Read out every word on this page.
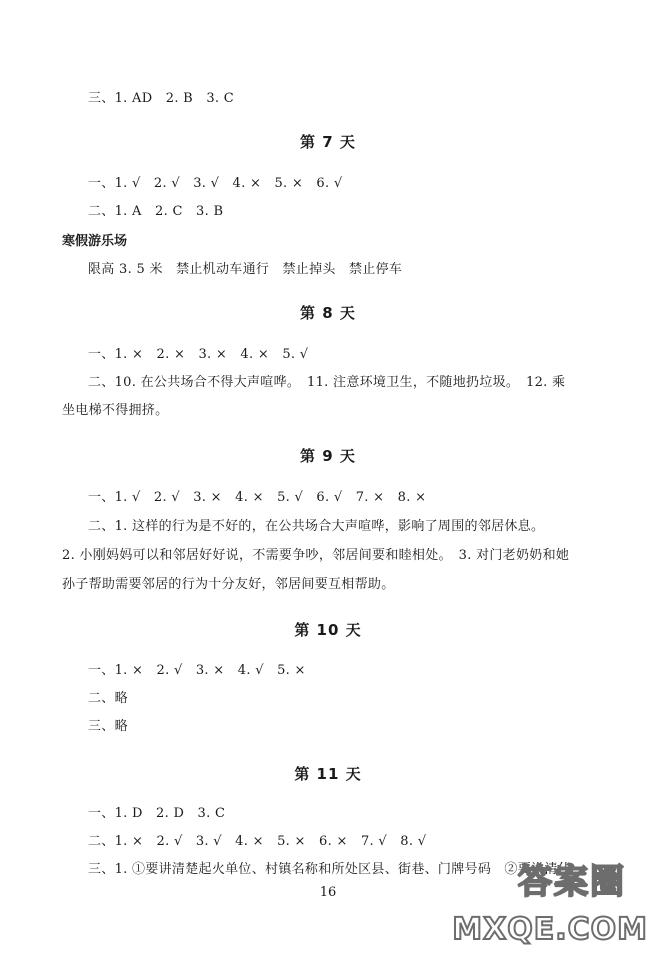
三、1. AD　2. B　3. C
第 7 天
一、1. √　2. √　3. √　4. ×　5. ×　6. √
二、1. A　2. C　3. B
寒假游乐场
限高 3. 5 米　禁止机动车通行　禁止掉头　禁止停车
第 8 天
一、1. ×　2. ×　3. ×　4. ×　5. √
二、10. 在公共场合不得大声喧哗。　11. 注意环境卫生，不随地扔垃圾。　12. 乘
坐电梯不得拥挤。
第 9 天
一、1. √　2. √　3. ×　4. ×　5. √　6. √　7. ×　8. ×
二、1. 这样的行为是不好的，在公共场合大声喧哗，影响了周围的邻居休息。
2. 小刚妈妈可以和邻居好好说，不需要争吵，邻居间要和睦相处。　3. 对门老奶奶和她
孙子帮助需要邻居的行为十分友好，邻居间要互相帮助。
第 10 天
一、1. ×　2. √　3. ×　4. √　5. ×
二、略
三、略
第 11 天
一、1. D　2. D　3. C
二、1. ×　2. √　3. √　4. ×　5. ×　6. ×　7. √　8. √
三、1. ①要讲清楚起火单位、村镇名称和所处区县、街巷、门牌号码　②要讲清什
16	答案圈
MXQE.COM
